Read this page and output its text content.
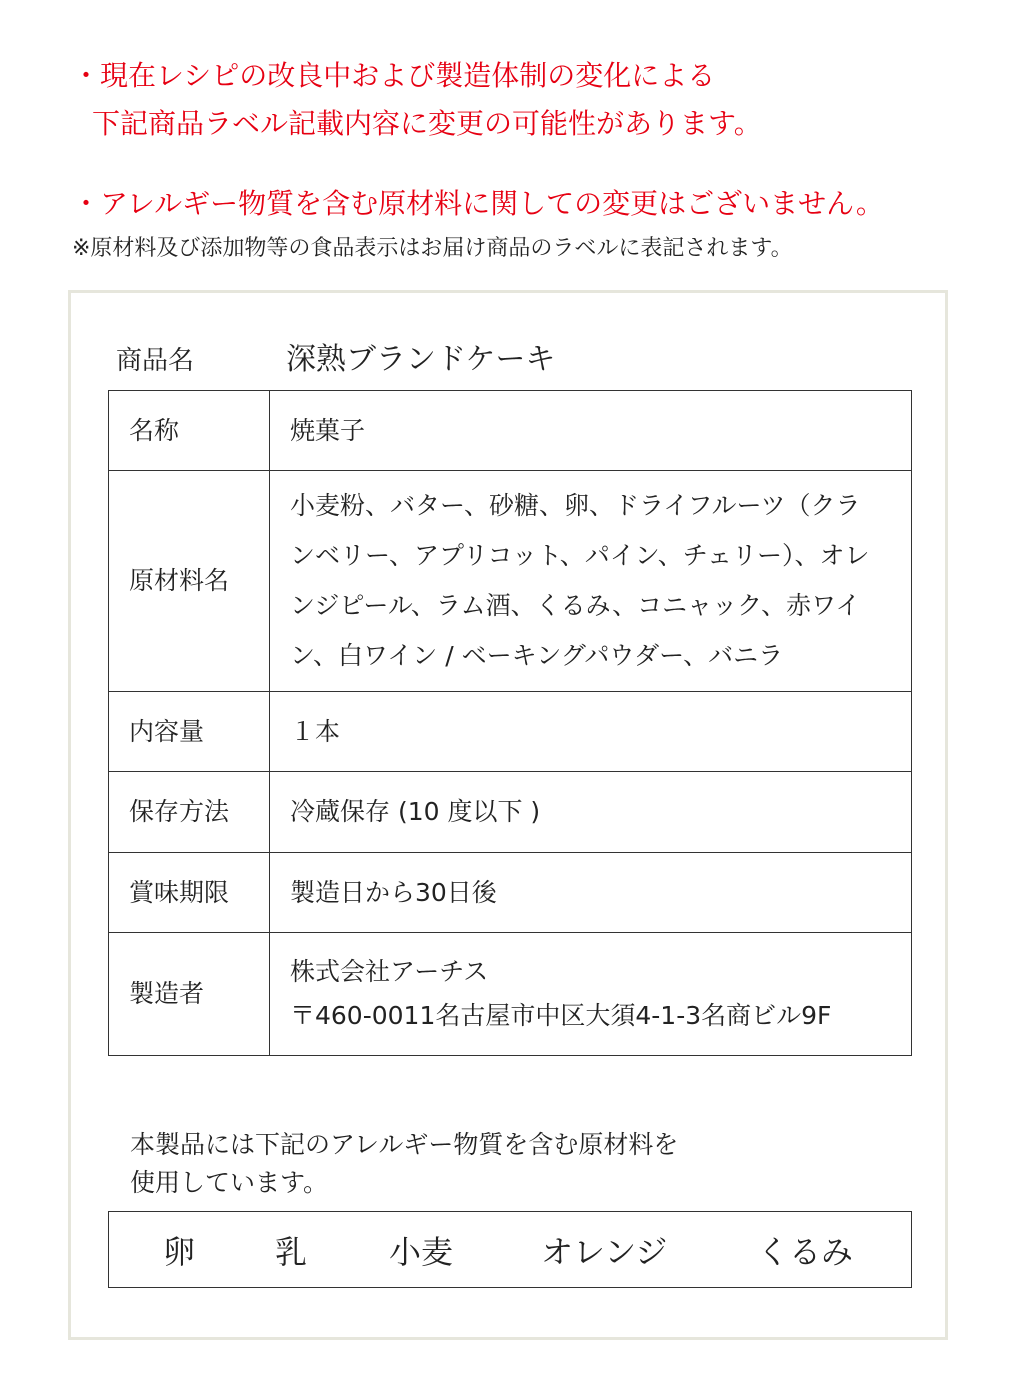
・現在レシピの改良中および製造体制の変化による
下記商品ラベル記載内容に変更の可能性があります。
・アレルギー物質を含む原材料に関しての変更はございません。
※原材料及び添加物等の食品表示はお届け商品のラベルに表記されます。
商品名	深熟ブランドケーキ
名称	焼菓子
原材料名	小麦粉、バター、砂糖、卵、ドライフルーツ（クラ
ンベリー、アプリコット、パイン、チェリー）、オレ
ンジピール、ラム酒、くるみ、コニャック、赤ワイ
ン、白ワイン / ベーキングパウダー、バニラ

内容量	１本
保存方法	冷蔵保存 (10 度以下 )
賞味期限	製造日から30日後
製造者	株式会社アーチス
〒460-0011名古屋市中区大須4-1-3名商ビル9F
本製品には下記のアレルギー物質を含む原材料を
使用しています。
卵 乳	小麦	オレンジ	くるみ
